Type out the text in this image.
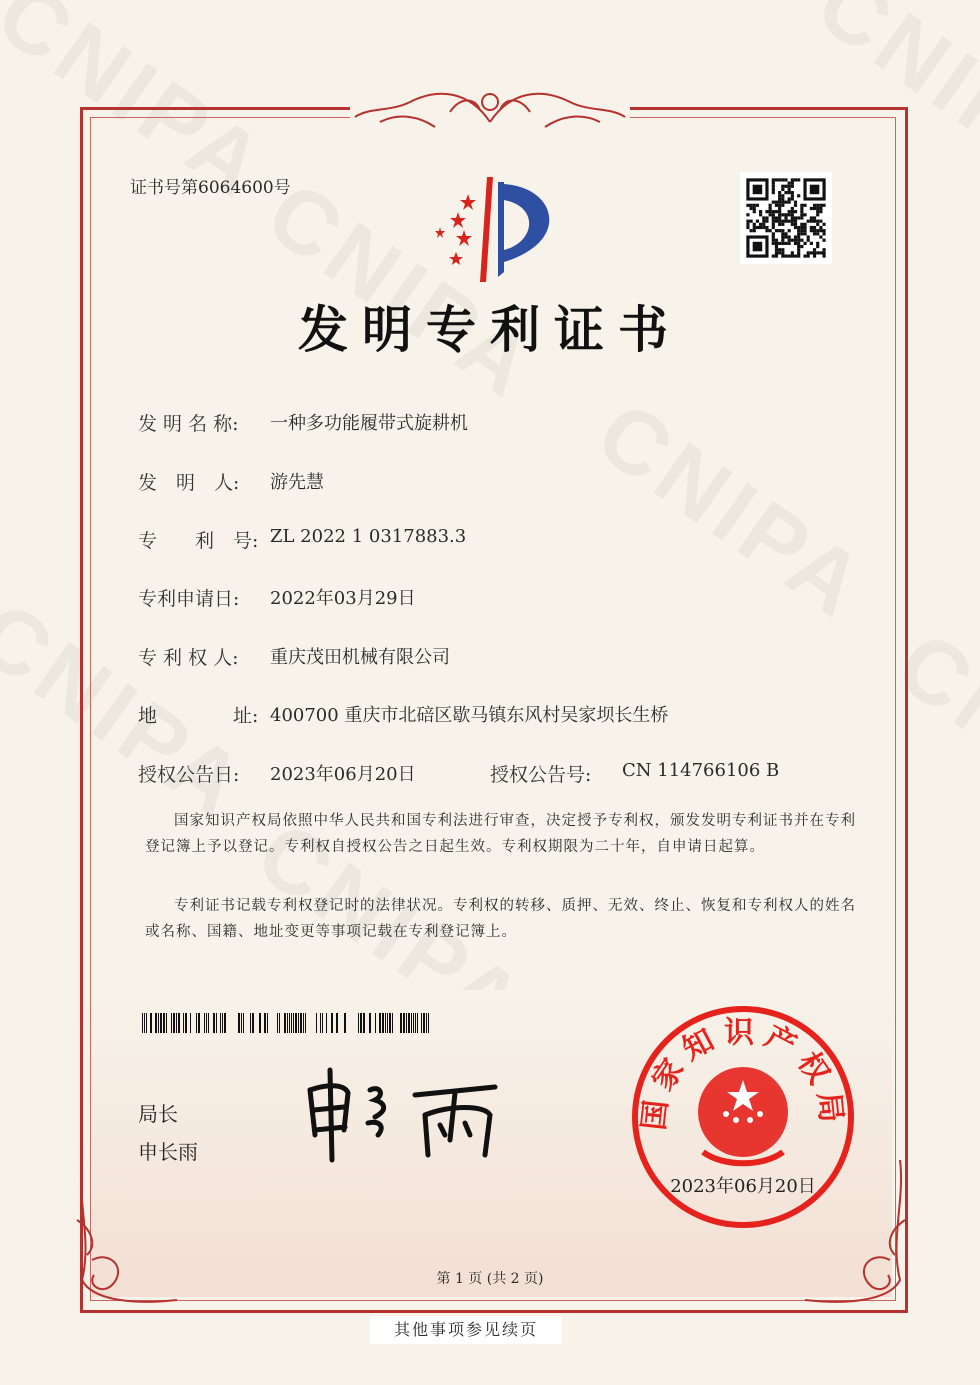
证书号第6064600号
发明专利证书
发 明 名 称:	一种多功能履带式旋耕机
发　明　人:	游先慧
专　　利　号: ZL 2022 1 0317883.3
专利申请日:	2022年03月29日
专 利 权 人:	重庆茂田机械有限公司
地　　　　址: 400700 重庆市北碚区歇马镇东风村吴家坝长生桥
授权公告日:	2023年06月20日	授权公告号:	CN 114766106 B
国家知识产权局依照中华人民共和国专利法进行审查，决定授予专利权，颁发发明专利证书并在专利登记簿上予以登记。专利权自授权公告之日起生效。专利权期限为二十年，自申请日起算。
专利证书记载专利权登记时的法律状况。专利权的转移、质押、无效、终止、恢复和专利权人的姓名或名称、国籍、地址变更等事项记载在专利登记簿上。
局长
申长雨
国家知识产权局
2023年06月20日
第 1 页 (共 2 页)
其他事项参见续页
